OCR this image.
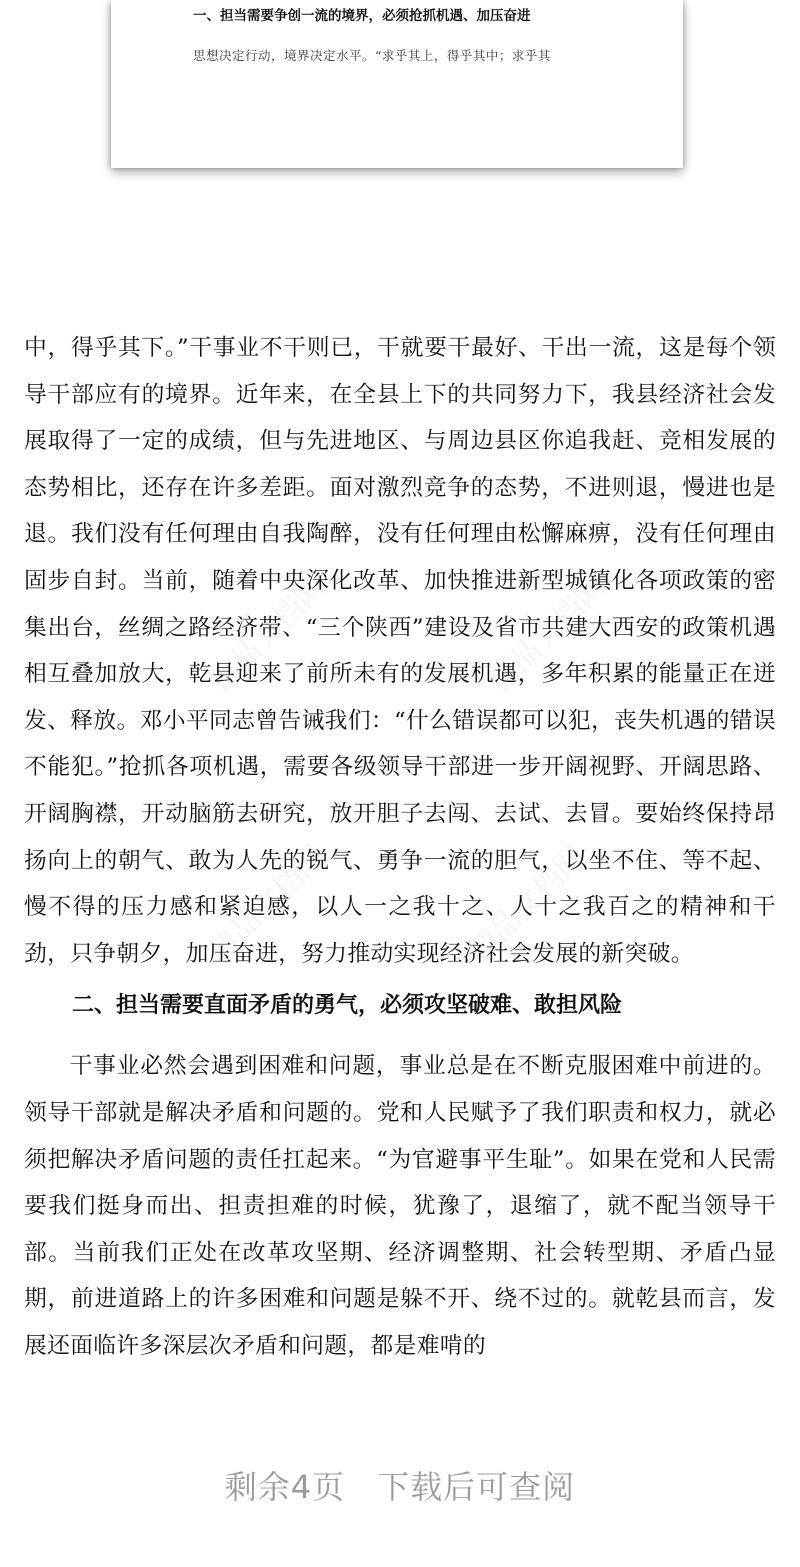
一、担当需要争创一流的境界，必须抢抓机遇、加压奋进
思想决定行动，境界决定水平。“求乎其上，得乎其中；求乎其
精品文档网	精品文档网
精品文档网	精品文档网

中，得乎其下。”干事业不干则已，干就要干最好、干出一流，这是每个领导干部应有的境界。近年来，在全县上下的共同努力下，我县经济社会发展取得了一定的成绩，但与先进地区、与周边县区你追我赶、竞相发展的态势相比，还存在许多差距。面对激烈竞争的态势，不进则退，慢进也是退。我们没有任何理由自我陶醉，没有任何理由松懈麻痹，没有任何理由固步自封。当前，随着中央深化改革、加快推进新型城镇化各项政策的密集出台，丝绸之路经济带、“三个陕西”建设及省市共建大西安的政策机遇相互叠加放大，乾县迎来了前所未有的发展机遇，多年积累的能量正在迸发、释放。邓小平同志曾告诫我们：“什么错误都可以犯，丧失机遇的错误不能犯。”抢抓各项机遇，需要各级领导干部进一步开阔视野、开阔思路、开阔胸襟，开动脑筋去研究，放开胆子去闯、去试、去冒。要始终保持昂扬向上的朝气、敢为人先的锐气、勇争一流的胆气，以坐不住、等不起、慢不得的压力感和紧迫感，以人一之我十之、人十之我百之的精神和干劲，只争朝夕，加压奋进，努力推动实现经济社会发展的新突破。

二、担当需要直面矛盾的勇气，必须攻坚破难、敢担风险

干事业必然会遇到困难和问题，事业总是在不断克服困难中前进的。领导干部就是解决矛盾和问题的。党和人民赋予了我们职责和权力，就必须把解决矛盾问题的责任扛起来。“为官避事平生耻”。如果在党和人民需要我们挺身而出、担责担难的时候，犹豫了，退缩了，就不配当领导干部。当前我们正处在改革攻坚期、经济调整期、社会转型期、矛盾凸显期，前进道路上的许多困难和问题是躲不开、绕不过的。就乾县而言，发展还面临许多深层次矛盾和问题，都是难啃的

剩余4页 下载后可查阅
